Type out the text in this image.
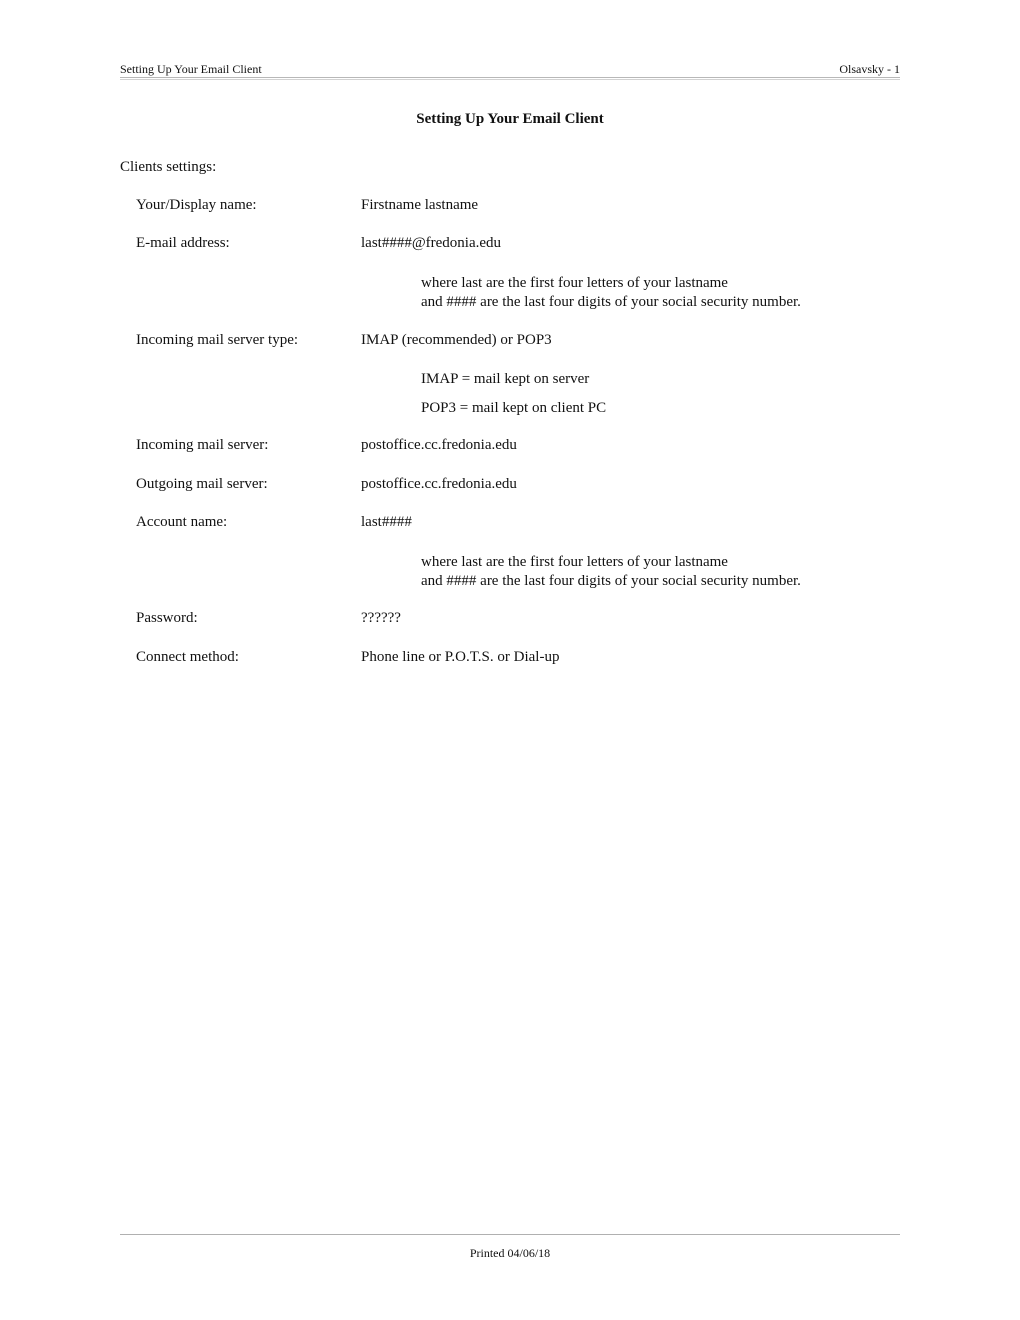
Setting Up Your Email Client	Olsavsky - 1
Setting Up Your Email Client
Clients settings:
Your/Display name:	Firstname lastname
E-mail address:	last####@fredonia.edu
where last are the first four letters of your lastname
and #### are the last four digits of your social security number.
Incoming mail server type:	IMAP (recommended) or POP3
IMAP = mail kept on server
POP3 = mail kept on client PC
Incoming mail server:	postoffice.cc.fredonia.edu
Outgoing mail server:	postoffice.cc.fredonia.edu
Account name:	last####
where last are the first four letters of your lastname
and #### are the last four digits of your social security number.
Password:	??????
Connect method:	Phone line or P.O.T.S. or Dial-up
Printed 04/06/18
